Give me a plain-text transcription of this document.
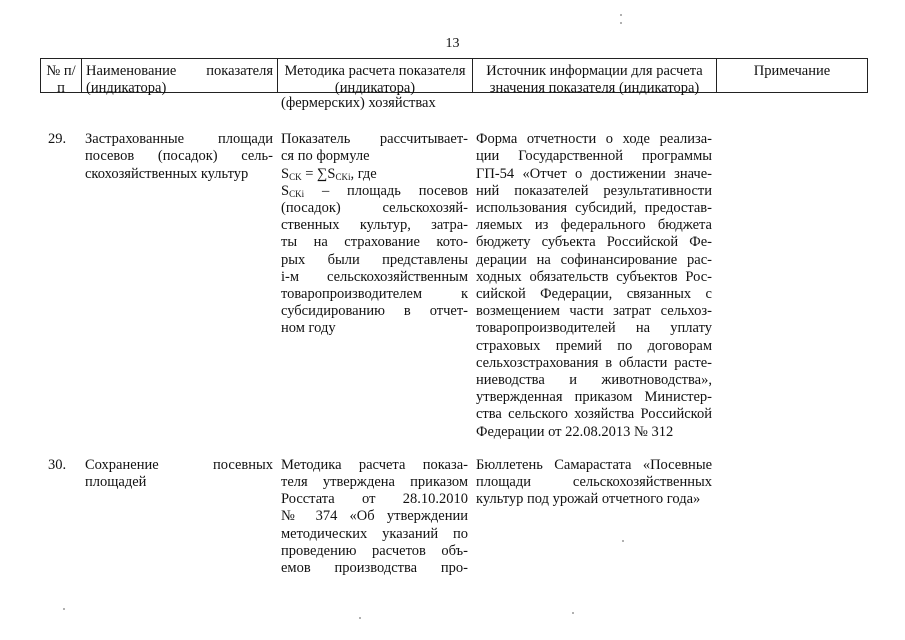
13
№ п/п
Наименование показателя (индикатора)
Методика расчета показателя (индикатора)
Источник информации для расчета значения показателя (индикатора)
Примечание
(фермерских) хозяйствах
29.	Застрахованные площади
посевов (посадок) сель-
скохозяйственных культур
Показатель рассчитывает-
ся по формуле
$S_{CK} = \sum S_{CKi}$, где
$S_{CKi}$ – площадь посевов
(посадок) сельскохозяй-
ственных культур, затра-
ты на страхование кото-
рых были представлены
i-м сельскохозяйственным
товаропроизводителем к
субсидированию в отчет-
ном году
Форма отчетности о ходе реализа-
ции Государственной программы
ГП-54 «Отчет о достижении значе-
ний показателей результативности
использования субсидий, предостав-
ляемых из федерального бюджета
бюджету субъекта Российской Фе-
дерации на софинансирование рас-
ходных обязательств субъектов Рос-
сийской Федерации, связанных с
возмещением части затрат сельхоз-
товаропроизводителей на уплату
страховых премий по договорам
сельхозстрахования в области расте-
ниеводства и животноводства»,
утвержденная приказом Министер-
ства сельского хозяйства Российской
Федерации от 22.08.2013 № 312
30.	Сохранение посевных
площадей
Методика расчета показа-
теля утверждена приказом
Росстата от 28.10.2010
№ 374 «Об утверждении
методических указаний по
проведению расчетов объ-
емов производства про-
Бюллетень Самарастата «Посевные
площади сельскохозяйственных
культур под урожай отчетного года»
